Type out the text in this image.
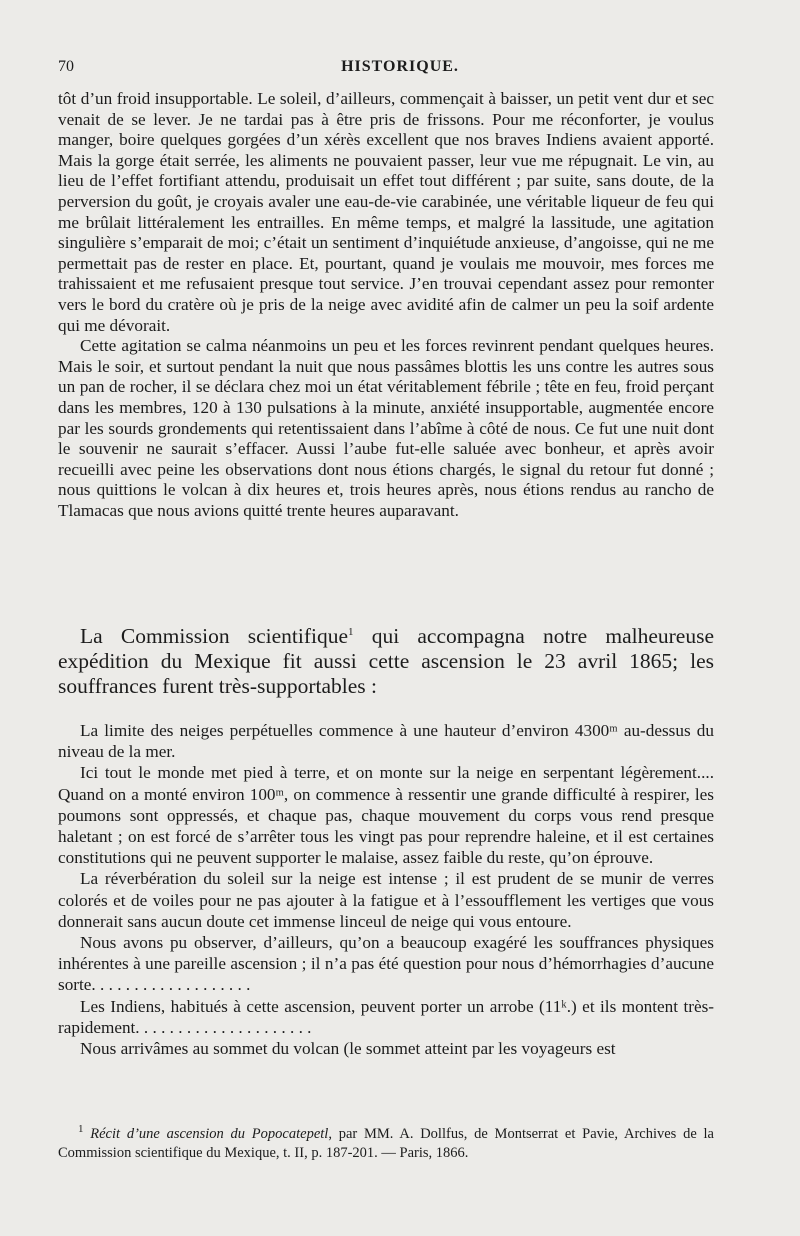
70	HISTORIQUE.

tôt d’un froid insupportable. Le soleil, d’ailleurs, commençait à baisser, un petit vent dur et sec venait de se lever. Je ne tardai pas à être pris de frissons. Pour me réconforter, je voulus manger, boire quelques gorgées d’un xérès excellent que nos braves Indiens avaient apporté. Mais la gorge était serrée, les aliments ne pouvaient passer, leur vue me répugnait. Le vin, au lieu de l’effet fortifiant attendu, produisait un effet tout différent ; par suite, sans doute, de la perversion du goût, je croyais avaler une eau-de-vie carabinée, une véritable liqueur de feu qui me brûlait littéralement les entrailles. En même temps, et malgré la lassitude, une agitation singulière s’emparait de moi; c’était un sentiment d’inquiétude anxieuse, d’angoisse, qui ne me permettait pas de rester en place. Et, pourtant, quand je voulais me mouvoir, mes forces me trahissaient et me refusaient presque tout service. J’en trouvai cependant assez pour remonter vers le bord du cratère où je pris de la neige avec avidité afin de calmer un peu la soif ardente qui me dévorait.

Cette agitation se calma néanmoins un peu et les forces revinrent pendant quelques heures. Mais le soir, et surtout pendant la nuit que nous passâmes blottis les uns contre les autres sous un pan de rocher, il se déclara chez moi un état véritablement fébrile ; tête en feu, froid perçant dans les membres, 120 à 130 pulsations à la minute, anxiété insupportable, augmentée encore par les sourds grondements qui retentissaient dans l’abîme à côté de nous. Ce fut une nuit dont le souvenir ne saurait s’effacer. Aussi l’aube fut-elle saluée avec bonheur, et après avoir recueilli avec peine les observations dont nous étions chargés, le signal du retour fut donné ; nous quittions le volcan à dix heures et, trois heures après, nous étions rendus au rancho de Tlamacas que nous avions quitté trente heures auparavant.

La Commission scientifique$^1$ qui accompagna notre malheureuse expédition du Mexique fit aussi cette ascension le 23 avril 1865; les souffrances furent très-supportables :

La limite des neiges perpétuelles commence à une hauteur d’environ 4300ᵐ au-dessus du niveau de la mer.

Ici tout le monde met pied à terre, et on monte sur la neige en serpentant légèrement.... Quand on a monté environ 100ᵐ, on commence à ressentir une grande difficulté à respirer, les poumons sont oppressés, et chaque pas, chaque mouvement du corps vous rend presque haletant ; on est forcé de s’arrêter tous les vingt pas pour reprendre haleine, et il est certaines constitutions qui ne peuvent supporter le malaise, assez faible du reste, qu’on éprouve.

La réverbération du soleil sur la neige est intense ; il est prudent de se munir de verres colorés et de voiles pour ne pas ajouter à la fatigue et à l’essoufflement les vertiges que vous donnerait sans aucun doute cet immense linceul de neige qui vous entoure.

Nous avons pu observer, d’ailleurs, qu’on a beaucoup exagéré les souffrances physiques inhérentes à une pareille ascension ; il n’a pas été question pour nous d’hémorrhagies d’aucune sorte. . . . . . . . . . . . . . . . . . .

Les Indiens, habitués à cette ascension, peuvent porter un arrobe (11ᵏ.) et ils montent très-rapidement. . . . . . . . . . . . . . . . . . . . .

Nous arrivâmes au sommet du volcan (le sommet atteint par les voyageurs est

$^1$ Récit d’une ascension du Popocatepetl, par MM. A. Dollfus, de Montserrat et Pavie, Archives de la Commission scientifique du Mexique, t. II, p. 187-201. — Paris, 1866.
